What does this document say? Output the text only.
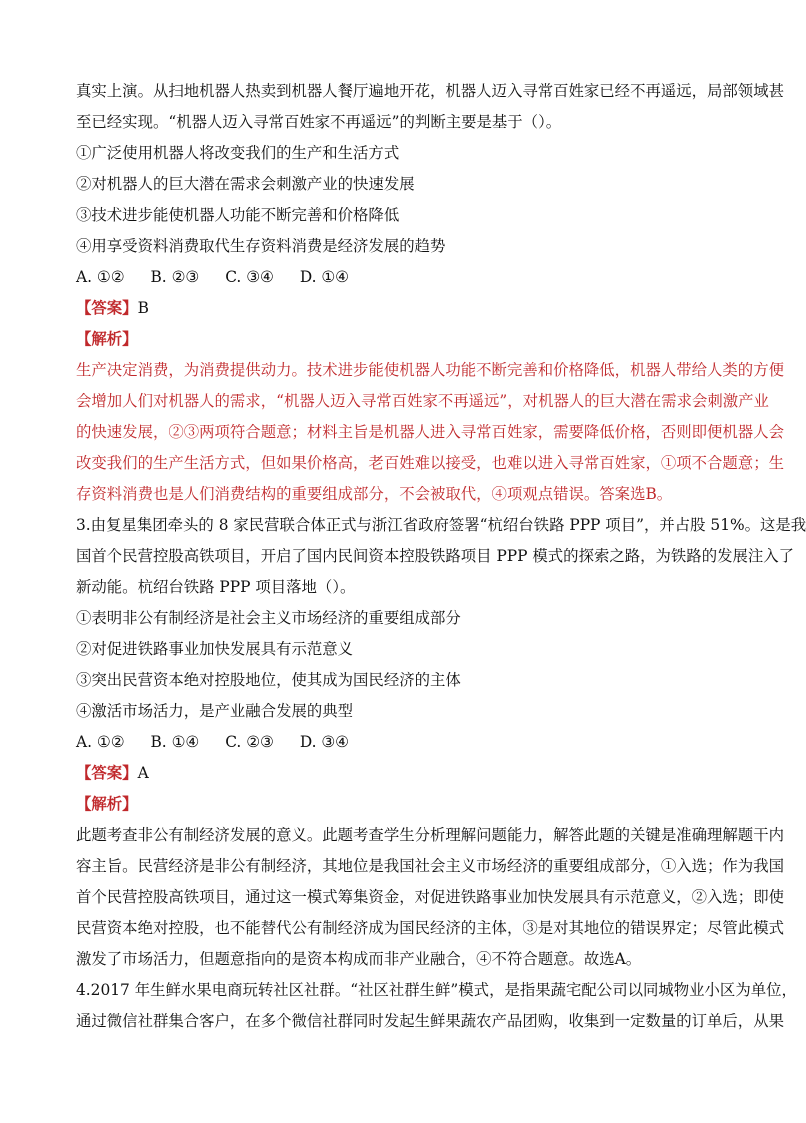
真实上演。从扫地机器人热卖到机器人餐厅遍地开花，机器人迈入寻常百姓家已经不再遥远，局部领域甚
至已经实现。“机器人迈入寻常百姓家不再遥远”的判断主要是基于（）。
①广泛使用机器人将改变我们的生产和生活方式
②对机器人的巨大潜在需求会刺激产业的快速发展
③技术进步能使机器人功能不断完善和价格降低
④用享受资料消费取代生存资料消费是经济发展的趋势
A. ①② B. ②③ C. ③④ D. ①④
【答案】B
【解析】
生产决定消费，为消费提供动力。技术进步能使机器人功能不断完善和价格降低，机器人带给人类的方便
会增加人们对机器人的需求，“机器人迈入寻常百姓家不再遥远”，对机器人的巨大潜在需求会刺激产业
的快速发展，②③两项符合题意；材料主旨是机器人进入寻常百姓家，需要降低价格，否则即便机器人会
改变我们的生产生活方式，但如果价格高，老百姓难以接受，也难以进入寻常百姓家，①项不合题意；生
存资料消费也是人们消费结构的重要组成部分，不会被取代，④项观点错误。答案选B。
3.由复星集团牵头的 8 家民营联合体正式与浙江省政府签署“杭绍台铁路 PPP 项目”，并占股 51%。这是我
国首个民营控股高铁项目，开启了国内民间资本控股铁路项目 PPP 模式的探索之路，为铁路的发展注入了
新动能。杭绍台铁路 PPP 项目落地（）。
①表明非公有制经济是社会主义市场经济的重要组成部分
②对促进铁路事业加快发展具有示范意义
③突出民营资本绝对控股地位，使其成为国民经济的主体
④激活市场活力，是产业融合发展的典型
A. ①② B. ①④ C. ②③ D. ③④
【答案】A
【解析】
此题考查非公有制经济发展的意义。此题考查学生分析理解问题能力，解答此题的关键是准确理解题干内
容主旨。民营经济是非公有制经济，其地位是我国社会主义市场经济的重要组成部分，①入选；作为我国
首个民营控股高铁项目，通过这一模式筹集资金，对促进铁路事业加快发展具有示范意义，②入选；即使
民营资本绝对控股，也不能替代公有制经济成为国民经济的主体，③是对其地位的错误界定；尽管此模式
激发了市场活力，但题意指向的是资本构成而非产业融合，④不符合题意。故选A。
4.2017 年生鲜水果电商玩转社区社群。“社区社群生鲜”模式，是指果蔬宅配公司以同城物业小区为单位，
通过微信社群集合客户，在多个微信社群同时发起生鲜果蔬农产品团购，收集到一定数量的订单后，从果
